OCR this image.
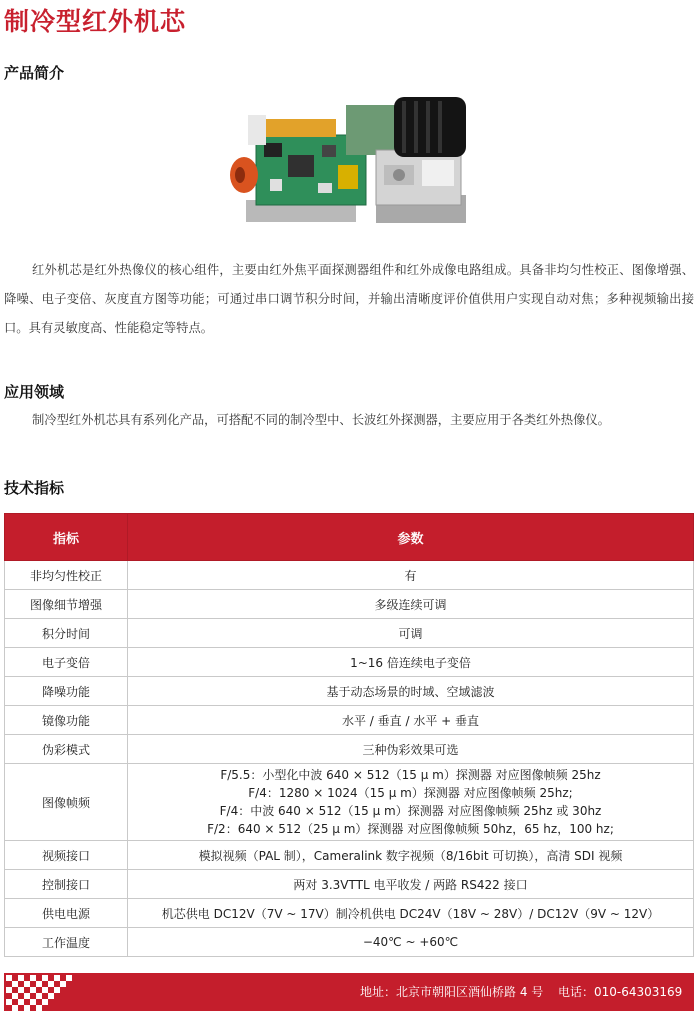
制冷型红外机芯
产品简介
红外机芯是红外热像仪的核心组件，主要由红外焦平面探测器组件和红外成像电路组成。具备非均匀性校正、图像增强、降噪、电子变倍、灰度直方图等功能；可通过串口调节积分时间，并输出清晰度评价值供用户实现自动对焦；多种视频输出接口。具有灵敏度高、性能稳定等特点。
应用领域
制冷型红外机芯具有系列化产品，可搭配不同的制冷型中、长波红外探测器，主要应用于各类红外热像仪。
技术指标
指标	参数
非均匀性校正	有
图像细节增强	多级连续可调
积分时间	可调
电子变倍	1~16 倍连续电子变倍
降噪功能	基于动态场景的时域、空域滤波
镜像功能	水平 / 垂直 / 水平 + 垂直
伪彩模式	三种伪彩效果可选
图像帧频	F/5.5：小型化中波 640 × 512（15 μ m）探测器 对应图像帧频 25hz
F/4：1280 × 1024（15 μ m）探测器 对应图像帧频 25hz;
F/4：中波 640 × 512（15 μ m）探测器 对应图像帧频 25hz 或 30hz
F/2：640 × 512（25 μ m）探测器 对应图像帧频 50hz，65 hz，100 hz;

视频接口	模拟视频（PAL 制），Cameralink 数字视频（8/16bit 可切换），高清 SDI 视频
控制接口	两对 3.3VTTL 电平收发 / 两路 RS422 接口
供电电源	机芯供电 DC12V（7V ~ 17V）制冷机供电 DC24V（18V ~ 28V）/ DC12V（9V ~ 12V）
工作温度	−40℃ ~ +60℃
地址：北京市朝阳区酒仙桥路 4 号 电话：010-64303169
